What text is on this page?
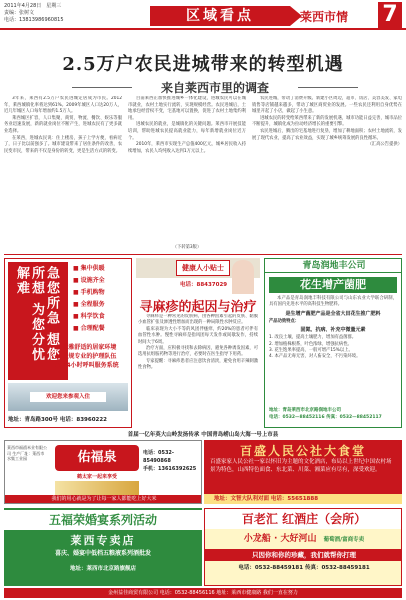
2011年4月28日　星期三
责编：张树文
电话：13813986960815	区域看点	莱西市情 7
2.5万户农民进城带来的转型机遇
来自莱西市里的调查

3年来，莱西有2.5万户农民进城定居成为市民。2012年，莱西城镇化率将达到61%。2009年城区人口达20万人，近几年城区人口每年增加约1.5万人。

莱西城区扩容，人口集聚，商贸、物流、餐饮、娱乐等服务业迅速发展，新的就业岗位不断产生，进城农民有了更多就业选择。

在莱西，进城农民说：住上楼房，孩子上学方便，看病近了，日子比以前强多了。城市建设带来了居住条件的改善，农民变市民，带来的不仅是身份的转变，更是生活方式的转变。

目前莱西正加快推进城乡一体化建设，进城农民可以在城市就业，农村土地实行流转，实现规模经营。农民进城后，土地承包经营权不变，宅基地可以置换，促进了农村土地集约利用。

进城农民的就业，是城镇化的关键问题。莱西市开展技能培训，帮助进城农民提高就业能力，每年新增就业岗位近万个。

2010年，莱西市实现生产总值400亿元，城乡居民收入持续增加，农民人均纯收入达到1万元以上。

（下转第3版）

农民进城，带动了消费升级。新建小区周边，超市、饭店、美容美发、家电销售等店铺越来越多，带动了城区商贸业的发展。一些农民还利用自身优势在城里开起了小店，做起了小生意。

进城农民的转变给莱西带来了新的发展机遇，城市功能日益完善，城市品位不断提升，城镇化成为拉动经济增长的重要引擎。

农民进城后，腾出的宅基地进行复垦，增加了耕地面积；农村土地流转，发展了现代农业，提高了农业效益，实现了城乡统筹发展的良性循环。

（汇高公告提供）

急您所急 想您所想 为您分忧解难
■	集中供暖
■ 设施齐全
■ 手机购物
■ 全程服务
■ 科学饮食
■ 合理配餐
● 优雅舒适的居家环境
● 正规专业的护理队伍
● 24小时呼叫服务系统
欢迎您来参观入住
地址：青岛路300号 电话：83960222
健康人小贴士
电话：88437029
寻麻疹的起因与治疗

寻麻疹是一种常见的皮肤病，由各种因素引起的皮肤、黏膜小血管扩张及渗透性增加而出现的一种局限性水肿反应。

临床表现为大小不等的风团伴瘙痒，约20%的患者可伴有血管性水肿。慢性寻麻疹是指风团每天发作或间歇发作，持续时间大于6周。

治疗方面，应积极寻找和去除病因，避免各种诱发因素，可选用抗组胺药物等进行治疗，必要时在医生指导下用药。

专家提醒：寻麻疹患者应注意饮食清淡，避免食用辛辣刺激性食物。

青岛润地丰公司
花生增产菌肥

本产品是青岛润地丰科技有限公司与山东农业大学联合研制，具有国内先进水平的高科技生物肥料。

是生增产菌肥产品是全省大田花生推广肥料

产品功效特点：

固氮、抗病、补充中微量元素

1. 改良土壤，提高土壤肥力，增加有益菌群。

2. 增加植株根系，叶色浓绿，增强抗病性。

3. 花生饱果率提高，一般可增产15%以上。

4. 本产品无毒无害，对人畜安全，不污染环境。

地址：青岛莱西市北京路润地丰公司
电话：0532—88452116 传真：0532—88452117
首届一亿年英大山岭发扬传承 中国青岛崂山岛大海一号上市县
莱西市福禧米业有限公司 生产厂址：莱西市 水集工业园	佑福泉
鹤太家一起来享受
电话：0532-85490868
手机：13616392625
我们的用心就是为了让每一家人都能吃上好大米
百盛人民公社大食堂
百盛家家人民公社一家以怀旧为主题的文化酒店，布局以上世纪中国农村场景为特色，山西特色面食、东北菜、川菜、湘菜应有尽有，深受欢迎。
地址：文智大队利对面 电话：55651888
五福荣婚宴系列活动
莱西专卖店
喜庆、婚宴中低档五粮液系列酒批发
地址：莱西市北京路旗舰店
百老汇 红酒庄（会所）
小龙船 · 大好河山 葡萄酒/富商专卖
只因你和你的珍藏，我们就帮你打理
电话：0532-88459181 传真：0532-88459181
金州益佳商贸有限公司 电话：0532-88456116 地址：莱西市健康路 我们一直在努力
